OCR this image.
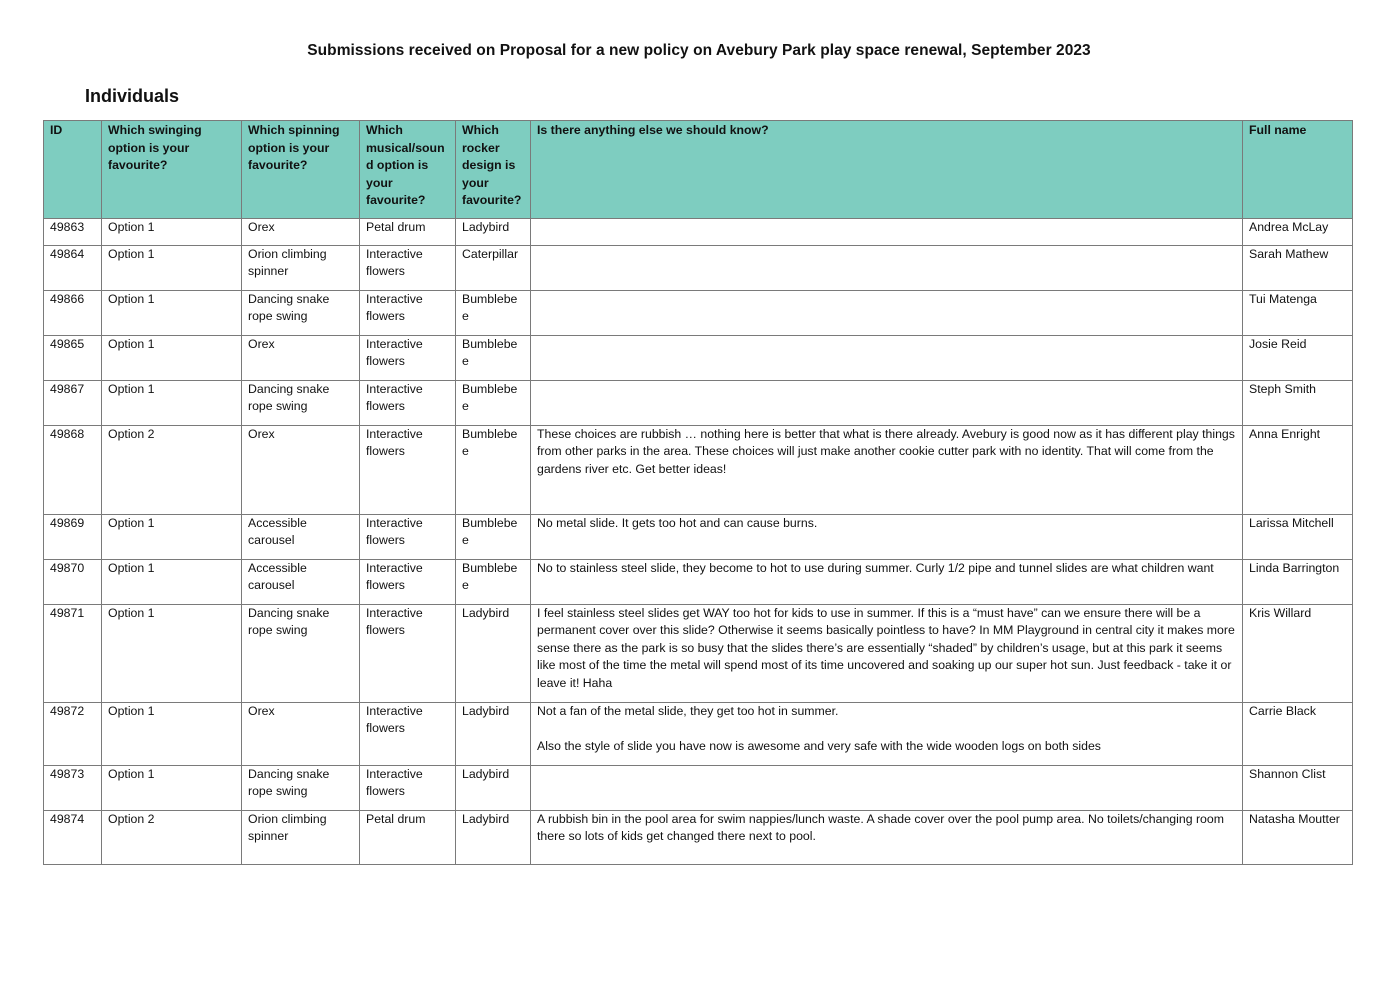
Submissions received on Proposal for a new policy on Avebury Park play space renewal, September 2023
Individuals
ID	Which swinging option is your favourite?	Which spinning option is your favourite?	Which musical/sound option is your favourite?	Which rocker design is your favourite?	Is there anything else we should know?	Full name
49863	Option 1	Orex	Petal drum	Ladybird		Andrea McLay
49864	Option 1	Orion climbing spinner	Interactive flowers	Caterpillar		Sarah Mathew
49866	Option 1	Dancing snake rope swing	Interactive flowers	Bumblebee		Tui Matenga
49865	Option 1	Orex	Interactive flowers	Bumblebee		Josie Reid
49867	Option 1	Dancing snake rope swing	Interactive flowers	Bumblebee		Steph Smith
49868	Option 2	Orex	Interactive flowers	Bumblebee	These choices are rubbish … nothing here is better that what is there already. Avebury is good now as it has different play things from other parks in the area. These choices will just make another cookie cutter park with no identity. That will come from the gardens river etc. Get better ideas!	Anna Enright
49869	Option 1	Accessible carousel	Interactive flowers	Bumblebee	No metal slide. It gets too hot and can cause burns.	Larissa Mitchell
49870	Option 1	Accessible carousel	Interactive flowers	Bumblebee	No to stainless steel slide, they become to hot to use during summer. Curly 1/2 pipe and tunnel slides are what children want	Linda Barrington
49871	Option 1	Dancing snake rope swing	Interactive flowers	Ladybird	I feel stainless steel slides get WAY too hot for kids to use in summer. If this is a “must have” can we ensure there will be a permanent cover over this slide? Otherwise it seems basically pointless to have? In MM Playground in central city it makes more sense there as the park is so busy that the slides there’s are essentially “shaded” by children’s usage, but at this park it seems like most of the time the metal will spend most of its time uncovered and soaking up our super hot sun. Just feedback - take it or leave it! Haha	Kris Willard
49872	Option 1	Orex	Interactive flowers	Ladybird	Not a fan of the metal slide, they get too hot in summer.
Also the style of slide you have now is awesome and very safe with the wide wooden logs on both sides	Carrie Black
49873	Option 1	Dancing snake rope swing	Interactive flowers	Ladybird		Shannon Clist
49874	Option 2	Orion climbing spinner	Petal drum	Ladybird	A rubbish bin in the pool area for swim nappies/lunch waste. A shade cover over the pool pump area. No toilets/changing room there so lots of kids get changed there next to pool.	Natasha Moutter
